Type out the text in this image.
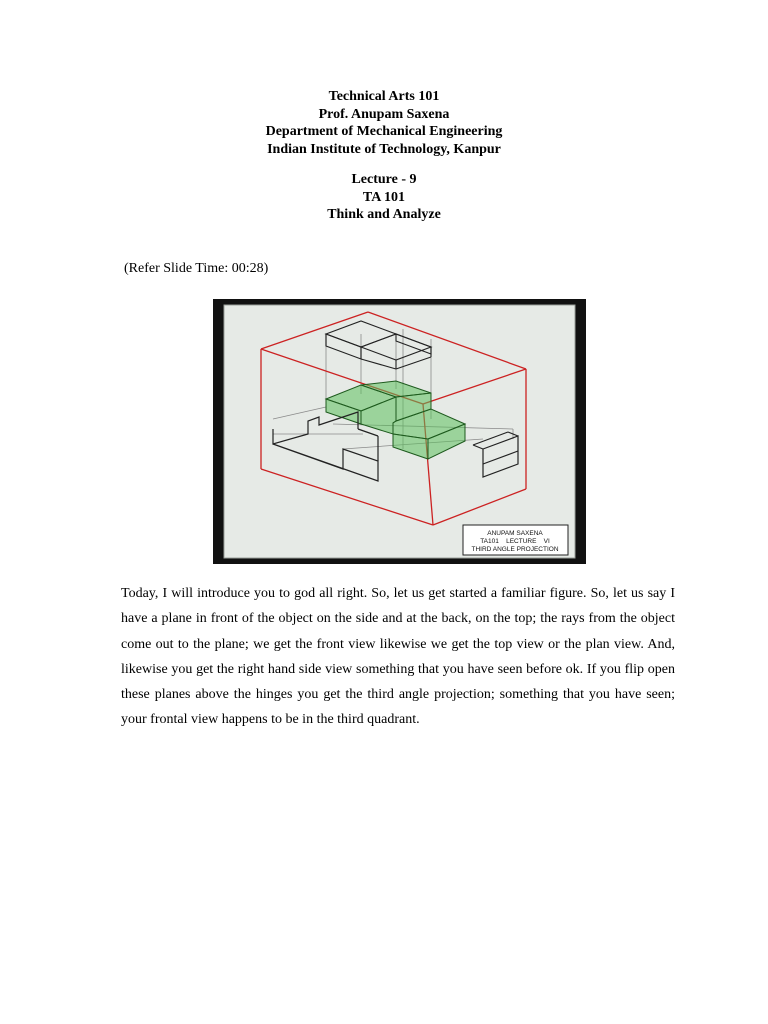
Technical Arts 101
Prof. Anupam Saxena
Department of Mechanical Engineering
Indian Institute of Technology, Kanpur
Lecture - 9
TA 101
Think and Analyze
(Refer Slide Time: 00:28)
ANUPAM SAXENA
TA101    LECTURE    VI
THIRD ANGLE PROJECTION
Today, I will introduce you to god all right. So, let us get started a familiar figure. So, let us say I have a plane in front of the object on the side and at the back, on the top; the rays from the object come out to the plane; we get the front view likewise we get the top view or the plan view. And, likewise you get the right hand side view something that you have seen before ok. If you flip open these planes above the hinges you get the third angle projection; something that you have seen; your frontal view happens to be in the third quadrant.
